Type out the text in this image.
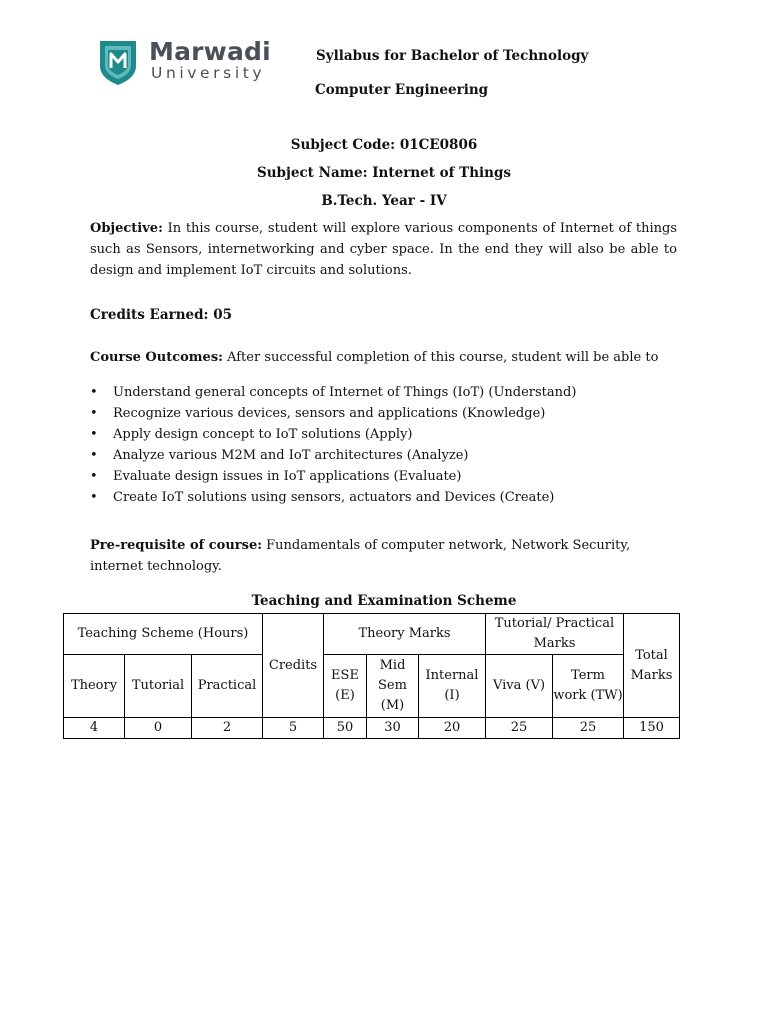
Marwadi
University
Syllabus for Bachelor of Technology
Computer Engineering
Subject Code: 01CE0806
Subject Name: Internet of Things
B.Tech. Year - IV
Objective: In this course, student will explore various components of Internet of things such as Sensors, internetworking and cyber space. In the end they will also be able to design and implement IoT circuits and solutions.
Credits Earned: 05
Course Outcomes: After successful completion of this course, student will be able to
• Understand general concepts of Internet of Things (IoT) (Understand)
• Recognize various devices, sensors and applications (Knowledge)
• Apply design concept to IoT solutions (Apply)
• Analyze various M2M and IoT architectures (Analyze)
• Evaluate design issues in IoT applications (Evaluate)
• Create IoT solutions using sensors, actuators and Devices (Create)
Pre-requisite of course: Fundamentals of computer network, Network Security, internet technology.
Teaching and Examination Scheme
Teaching Scheme (Hours)			Credits	Theory Marks			Tutorial/ Practical Marks		Total Marks
Theory	Tutorial	Practical		ESE (E)	Mid Sem (M)	Internal (I)	Viva (V)	Term work (TW)	
4	0	2	5	50	30	20	25	25	150
